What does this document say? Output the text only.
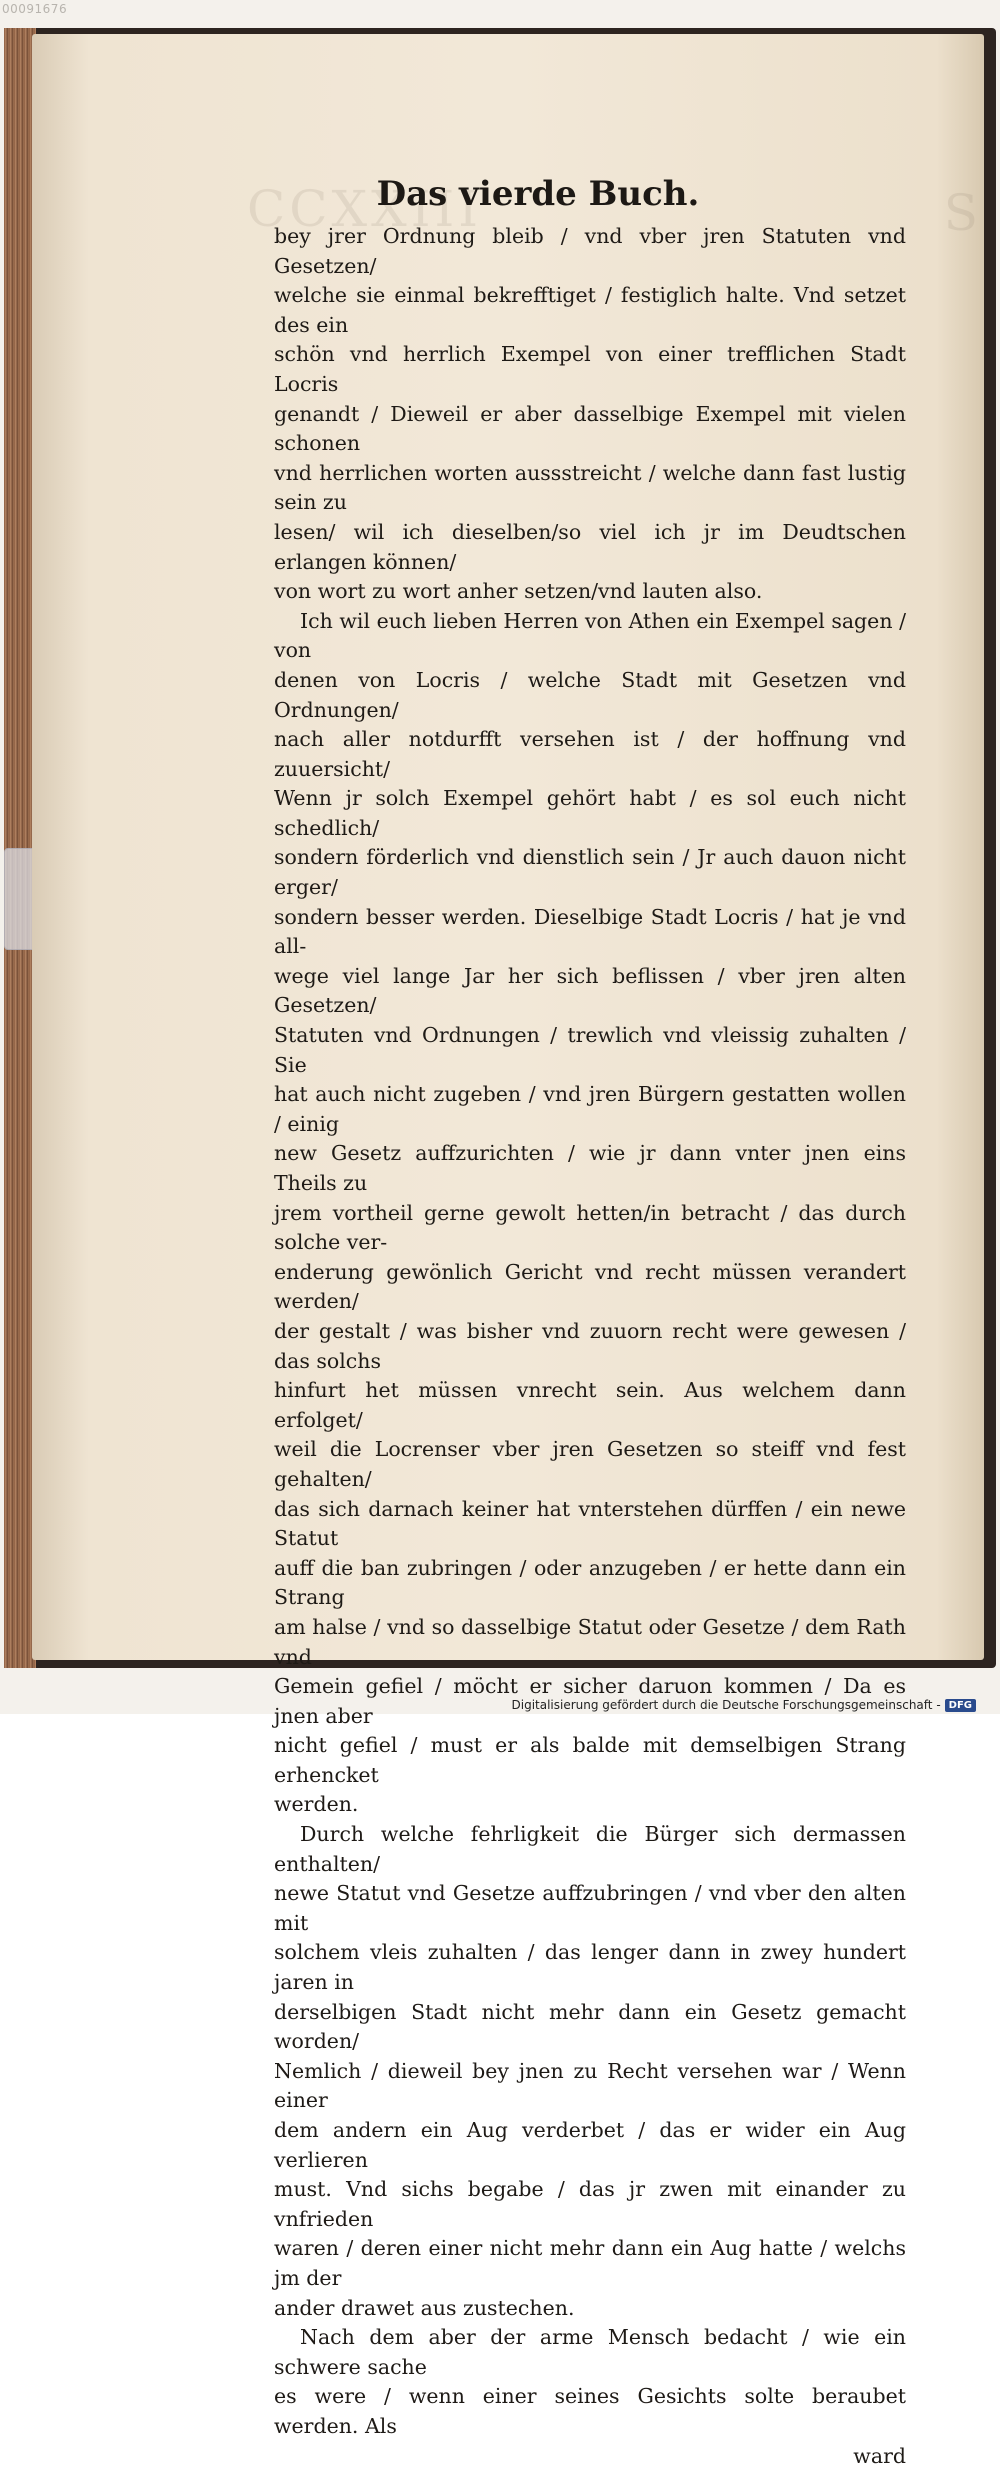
00091676
CCXXIII	S
Das vierde Buch.

bey jrer Ordnung bleib / vnd vber jren Statuten vnd Gesetzen/
welche sie einmal bekrefftiget / festiglich halte. Vnd setzet des ein
schön vnd herrlich Exempel von einer trefflichen Stadt Locris
genandt / Dieweil er aber dasselbige Exempel mit vielen schonen
vnd herrlichen worten aussstreicht / welche dann fast lustig sein zu
lesen/ wil ich dieselben/so viel ich jr im Deudtschen erlangen können/
von wort zu wort anher setzen/vnd lauten also.

Ich wil euch lieben Herren von Athen ein Exempel sagen / von
denen von Locris / welche Stadt mit Gesetzen vnd Ordnungen/
nach aller notdurfft versehen ist / der hoffnung vnd zuuersicht/
Wenn jr solch Exempel gehört habt / es sol euch nicht schedlich/
sondern förderlich vnd dienstlich sein / Jr auch dauon nicht erger/
sondern besser werden. Dieselbige Stadt Locris / hat je vnd all-
wege viel lange Jar her sich beflissen / vber jren alten Gesetzen/
Statuten vnd Ordnungen / trewlich vnd vleissig zuhalten / Sie
hat auch nicht zugeben / vnd jren Bürgern gestatten wollen / einig
new Gesetz auffzurichten / wie jr dann vnter jnen eins Theils zu
jrem vortheil gerne gewolt hetten/in betracht / das durch solche ver-
enderung gewönlich Gericht vnd recht müssen verandert werden/
der gestalt / was bisher vnd zuuorn recht were gewesen / das solchs
hinfurt het müssen vnrecht sein. Aus welchem dann erfolget/
weil die Locrenser vber jren Gesetzen so steiff vnd fest gehalten/
das sich darnach keiner hat vnterstehen dürffen / ein newe Statut
auff die ban zubringen / oder anzugeben / er hette dann ein Strang
am halse / vnd so dasselbige Statut oder Gesetze / dem Rath vnd
Gemein gefiel / möcht er sicher daruon kommen / Da es jnen aber
nicht gefiel / must er als balde mit demselbigen Strang erhencket
werden.

Durch welche fehrligkeit die Bürger sich dermassen enthalten/
newe Statut vnd Gesetze auffzubringen / vnd vber den alten mit
solchem vleis zuhalten / das lenger dann in zwey hundert jaren in
derselbigen Stadt nicht mehr dann ein Gesetz gemacht worden/
Nemlich / dieweil bey jnen zu Recht versehen war / Wenn einer
dem andern ein Aug verderbet / das er wider ein Aug verlieren
must. Vnd sichs begabe / das jr zwen mit einander zu vnfrieden
waren / deren einer nicht mehr dann ein Aug hatte / welchs jm der
ander drawet aus zustechen.

Nach dem aber der arme Mensch bedacht / wie ein schwere sache
es were / wenn einer seines Gesichts solte beraubet werden. Als

ward

Digitalisierung gefördert durch die Deutsche Forschungsgemeinschaft - DFG
